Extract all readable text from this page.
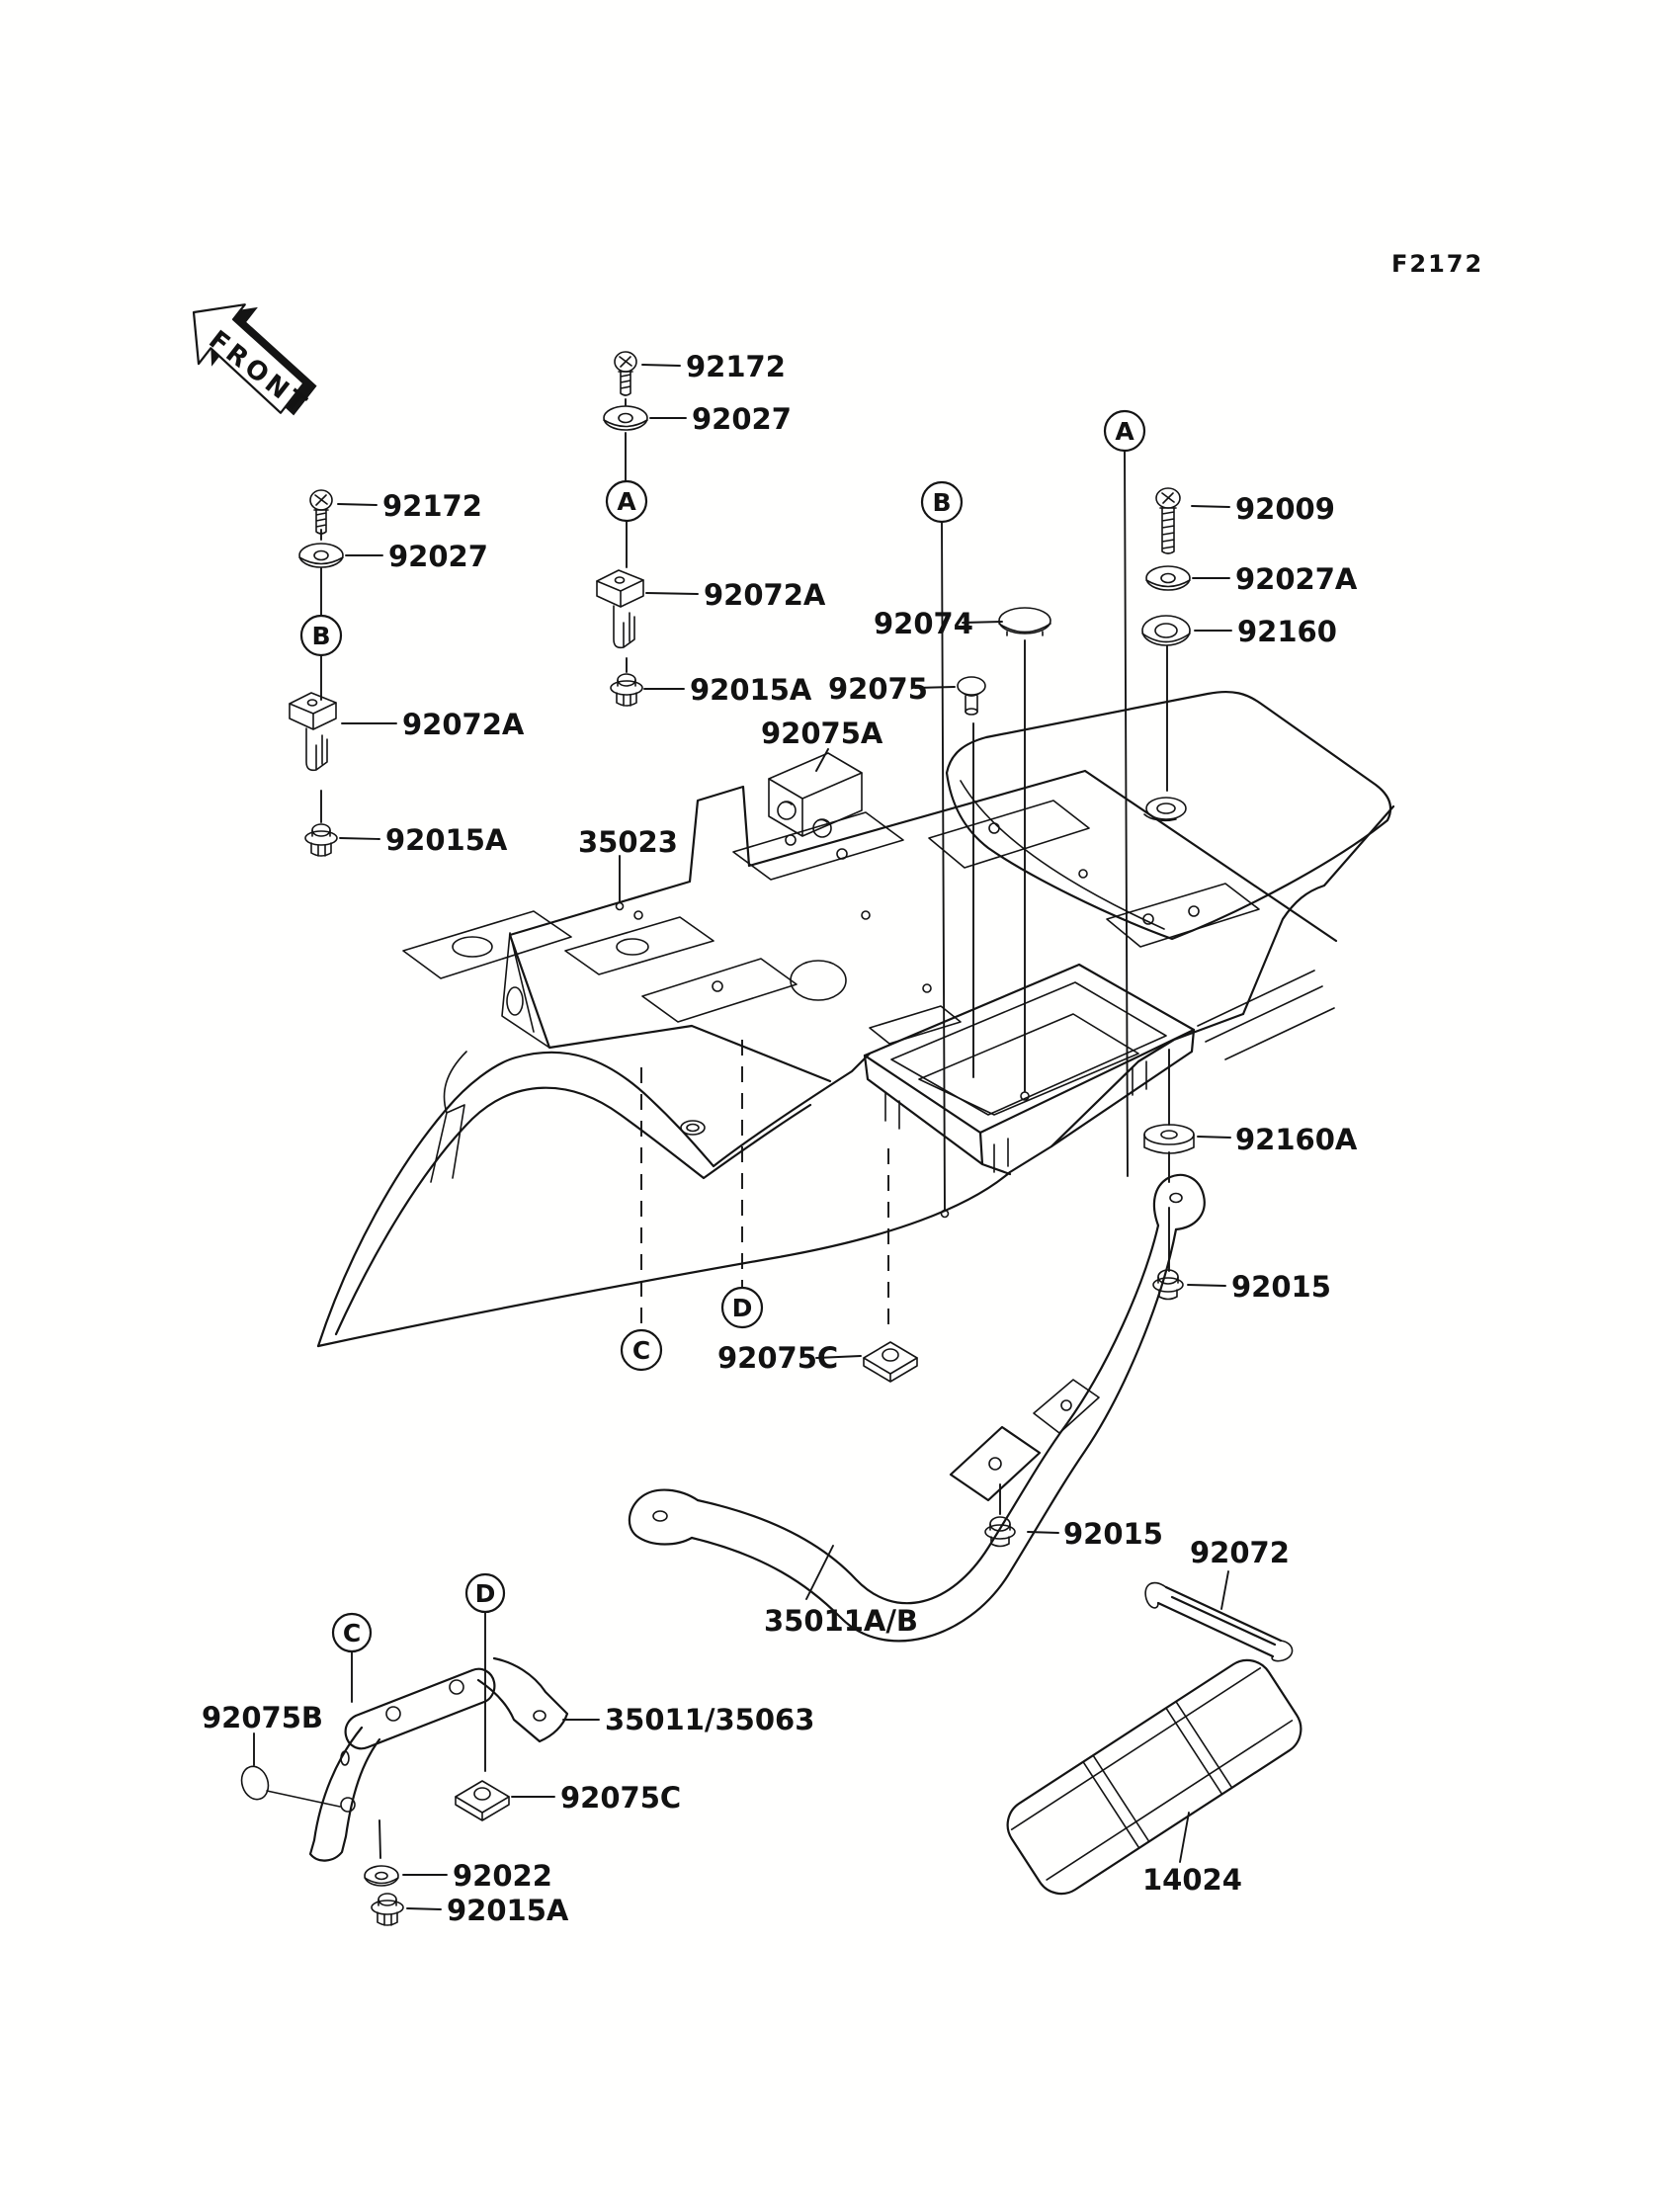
FRONT
F2172
A
A
B
B
C
D
C
D
92172
92027
92072A
92015A
92172
92027
92072A
92015A
35023
92074
92075
92075A
92009
92027A
92160
92160A
92015
92075C
35011A/B
92015
92072
14024
92075B	35011/35063
92075C
92022
92015A
